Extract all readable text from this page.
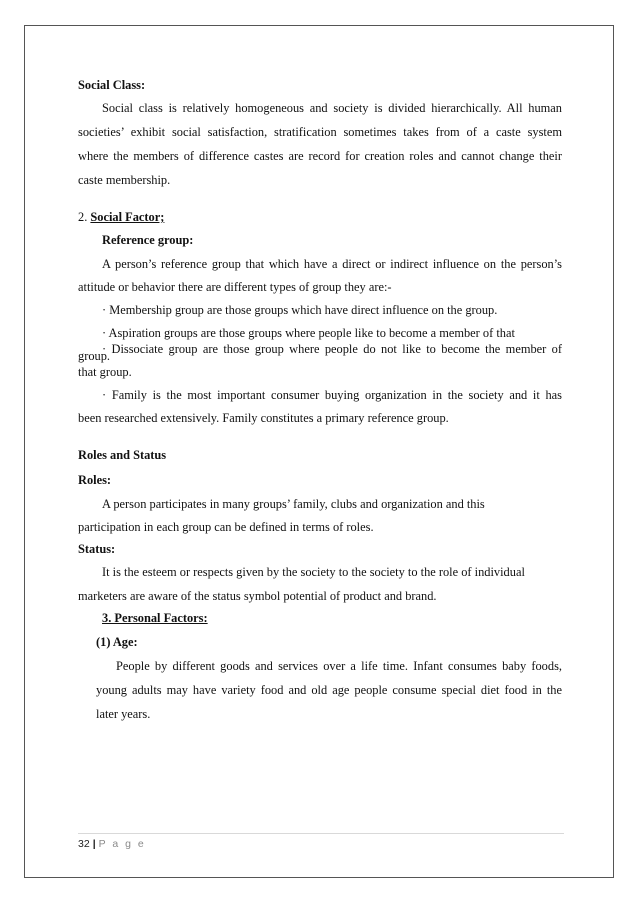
Social Class:
Social class is relatively homogeneous and society is divided hierarchically. All human
societies’ exhibit social satisfaction, stratification sometimes takes from of a caste system
where the members of difference castes are record for creation roles and cannot change their
caste membership.
2. Social Factor;
Reference group:
A person’s reference group that which have a direct or indirect influence on the person’s
attitude or behavior there are different types of group they are:-
· Membership group are those groups which have direct influence on the group.
· Aspiration groups are those groups where people like to become a member of that
group.
· Dissociate group are those group where people do not like to become the member of
that group.
· Family is the most important consumer buying organization in the society and it has
been researched extensively. Family constitutes a primary reference group.
Roles and Status
Roles:
A person participates in many groups’ family, clubs and organization and this
participation in each group can be defined in terms of roles.
Status:
It is the esteem or respects given by the society to the society to the role of individual
marketers are aware of the status symbol potential of product and brand.
3. Personal Factors:
(1) Age:
People by different goods and services over a life time. Infant consumes baby foods,
young adults may have variety food and old age people consume special diet food in the
later years.
32 | P a g e
